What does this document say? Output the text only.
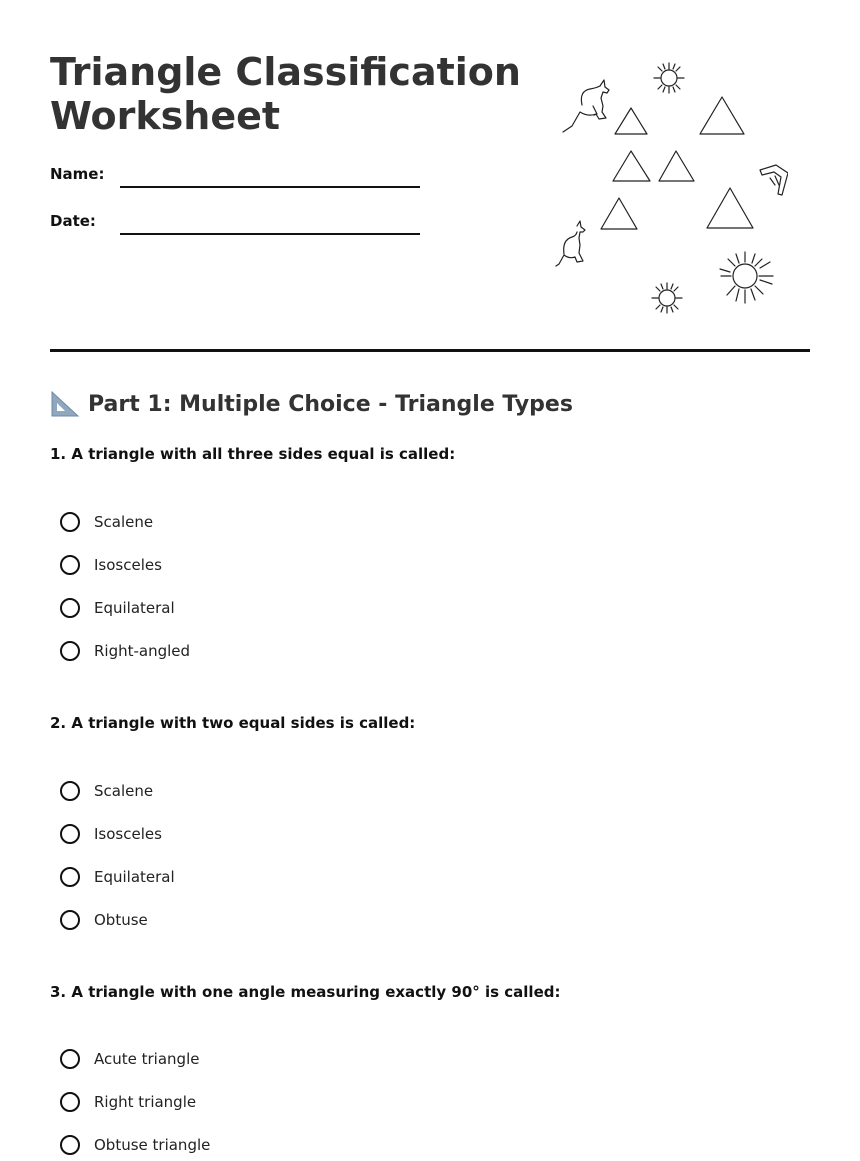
Triangle Classification
Worksheet
Name:
Date:
Part 1: Multiple Choice - Triangle Types
1. A triangle with all three sides equal is called:
Scalene
Isosceles
Equilateral
Right-angled
2. A triangle with two equal sides is called:
Scalene
Isosceles
Equilateral
Obtuse
3. A triangle with one angle measuring exactly 90° is called:
Acute triangle
Right triangle
Obtuse triangle
